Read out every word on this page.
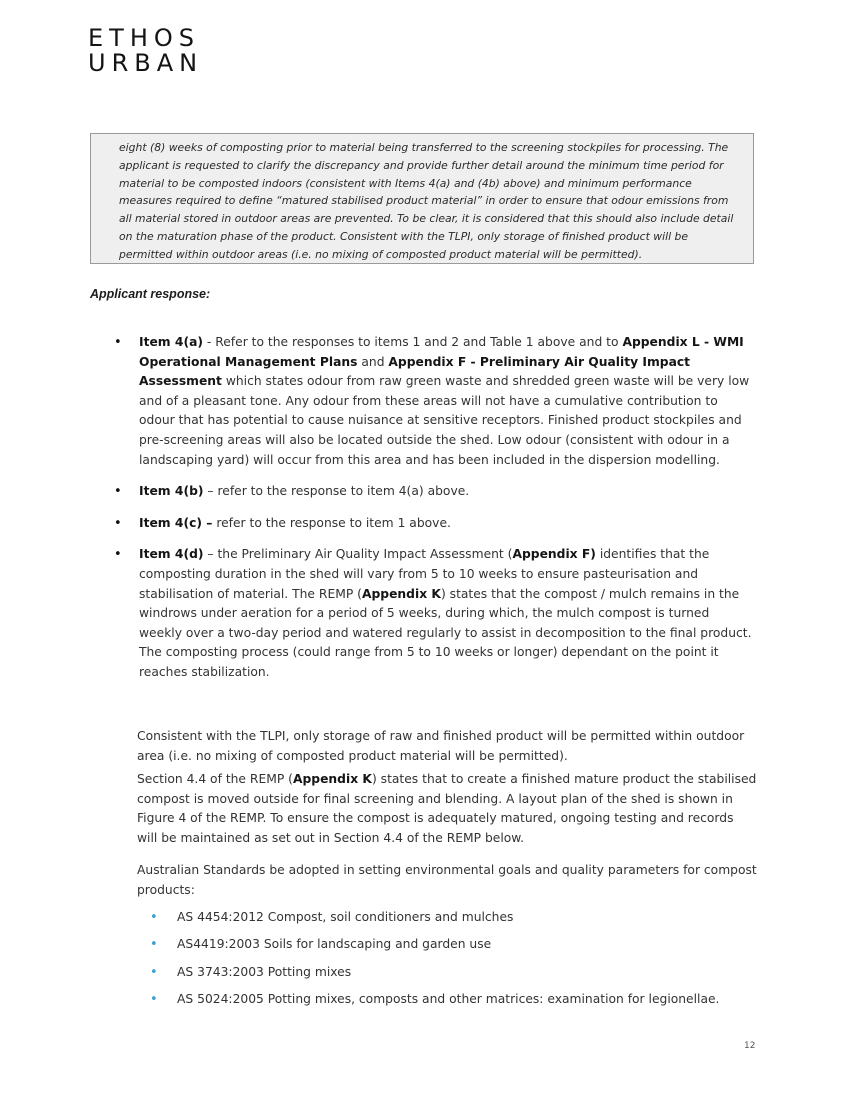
ETHOS
URBAN
eight (8) weeks of composting prior to material being transferred to the screening stockpiles for processing. The applicant is requested to clarify the discrepancy and provide further detail around the minimum time period for material to be composted indoors (consistent with Items 4(a) and (4b) above) and minimum performance measures required to define “matured stabilised product material” in order to ensure that odour emissions from all material stored in outdoor areas are prevented. To be clear, it is considered that this should also include detail on the maturation phase of the product. Consistent with the TLPI, only storage of finished product will be permitted within outdoor areas (i.e. no mixing of composted product material will be permitted).
Applicant response:
• Item 4(a) - Refer to the responses to items 1 and 2 and Table 1 above and to Appendix L - WMI Operational Management Plans and Appendix F - Preliminary Air Quality Impact Assessment which states odour from raw green waste and shredded green waste will be very low and of a pleasant tone. Any odour from these areas will not have a cumulative contribution to odour that has potential to cause nuisance at sensitive receptors. Finished product stockpiles and pre-screening areas will also be located outside the shed. Low odour (consistent with odour in a landscaping yard) will occur from this area and has been included in the dispersion modelling.
• Item 4(b) – refer to the response to item 4(a) above.
• Item 4(c) – refer to the response to item 1 above.
• Item 4(d) – the Preliminary Air Quality Impact Assessment (Appendix F) identifies that the composting duration in the shed will vary from 5 to 10 weeks to ensure pasteurisation and stabilisation of material. The REMP (Appendix K) states that the compost / mulch remains in the windrows under aeration for a period of 5 weeks, during which, the mulch compost is turned weekly over a two-day period and watered regularly to assist in decomposition to the final product. The composting process (could range from 5 to 10 weeks or longer) dependant on the point it reaches stabilization.
Consistent with the TLPI, only storage of raw and finished product will be permitted within outdoor area (i.e. no mixing of composted product material will be permitted).
Section 4.4 of the REMP (Appendix K) states that to create a finished mature product the stabilised compost is moved outside for final screening and blending. A layout plan of the shed is shown in Figure 4 of the REMP. To ensure the compost is adequately matured, ongoing testing and records will be maintained as set out in Section 4.4 of the REMP below.
Australian Standards be adopted in setting environmental goals and quality parameters for compost products:
• AS 4454:2012 Compost, soil conditioners and mulches
• AS4419:2003 Soils for landscaping and garden use
• AS 3743:2003 Potting mixes
• AS 5024:2005 Potting mixes, composts and other matrices: examination for legionellae.
12
